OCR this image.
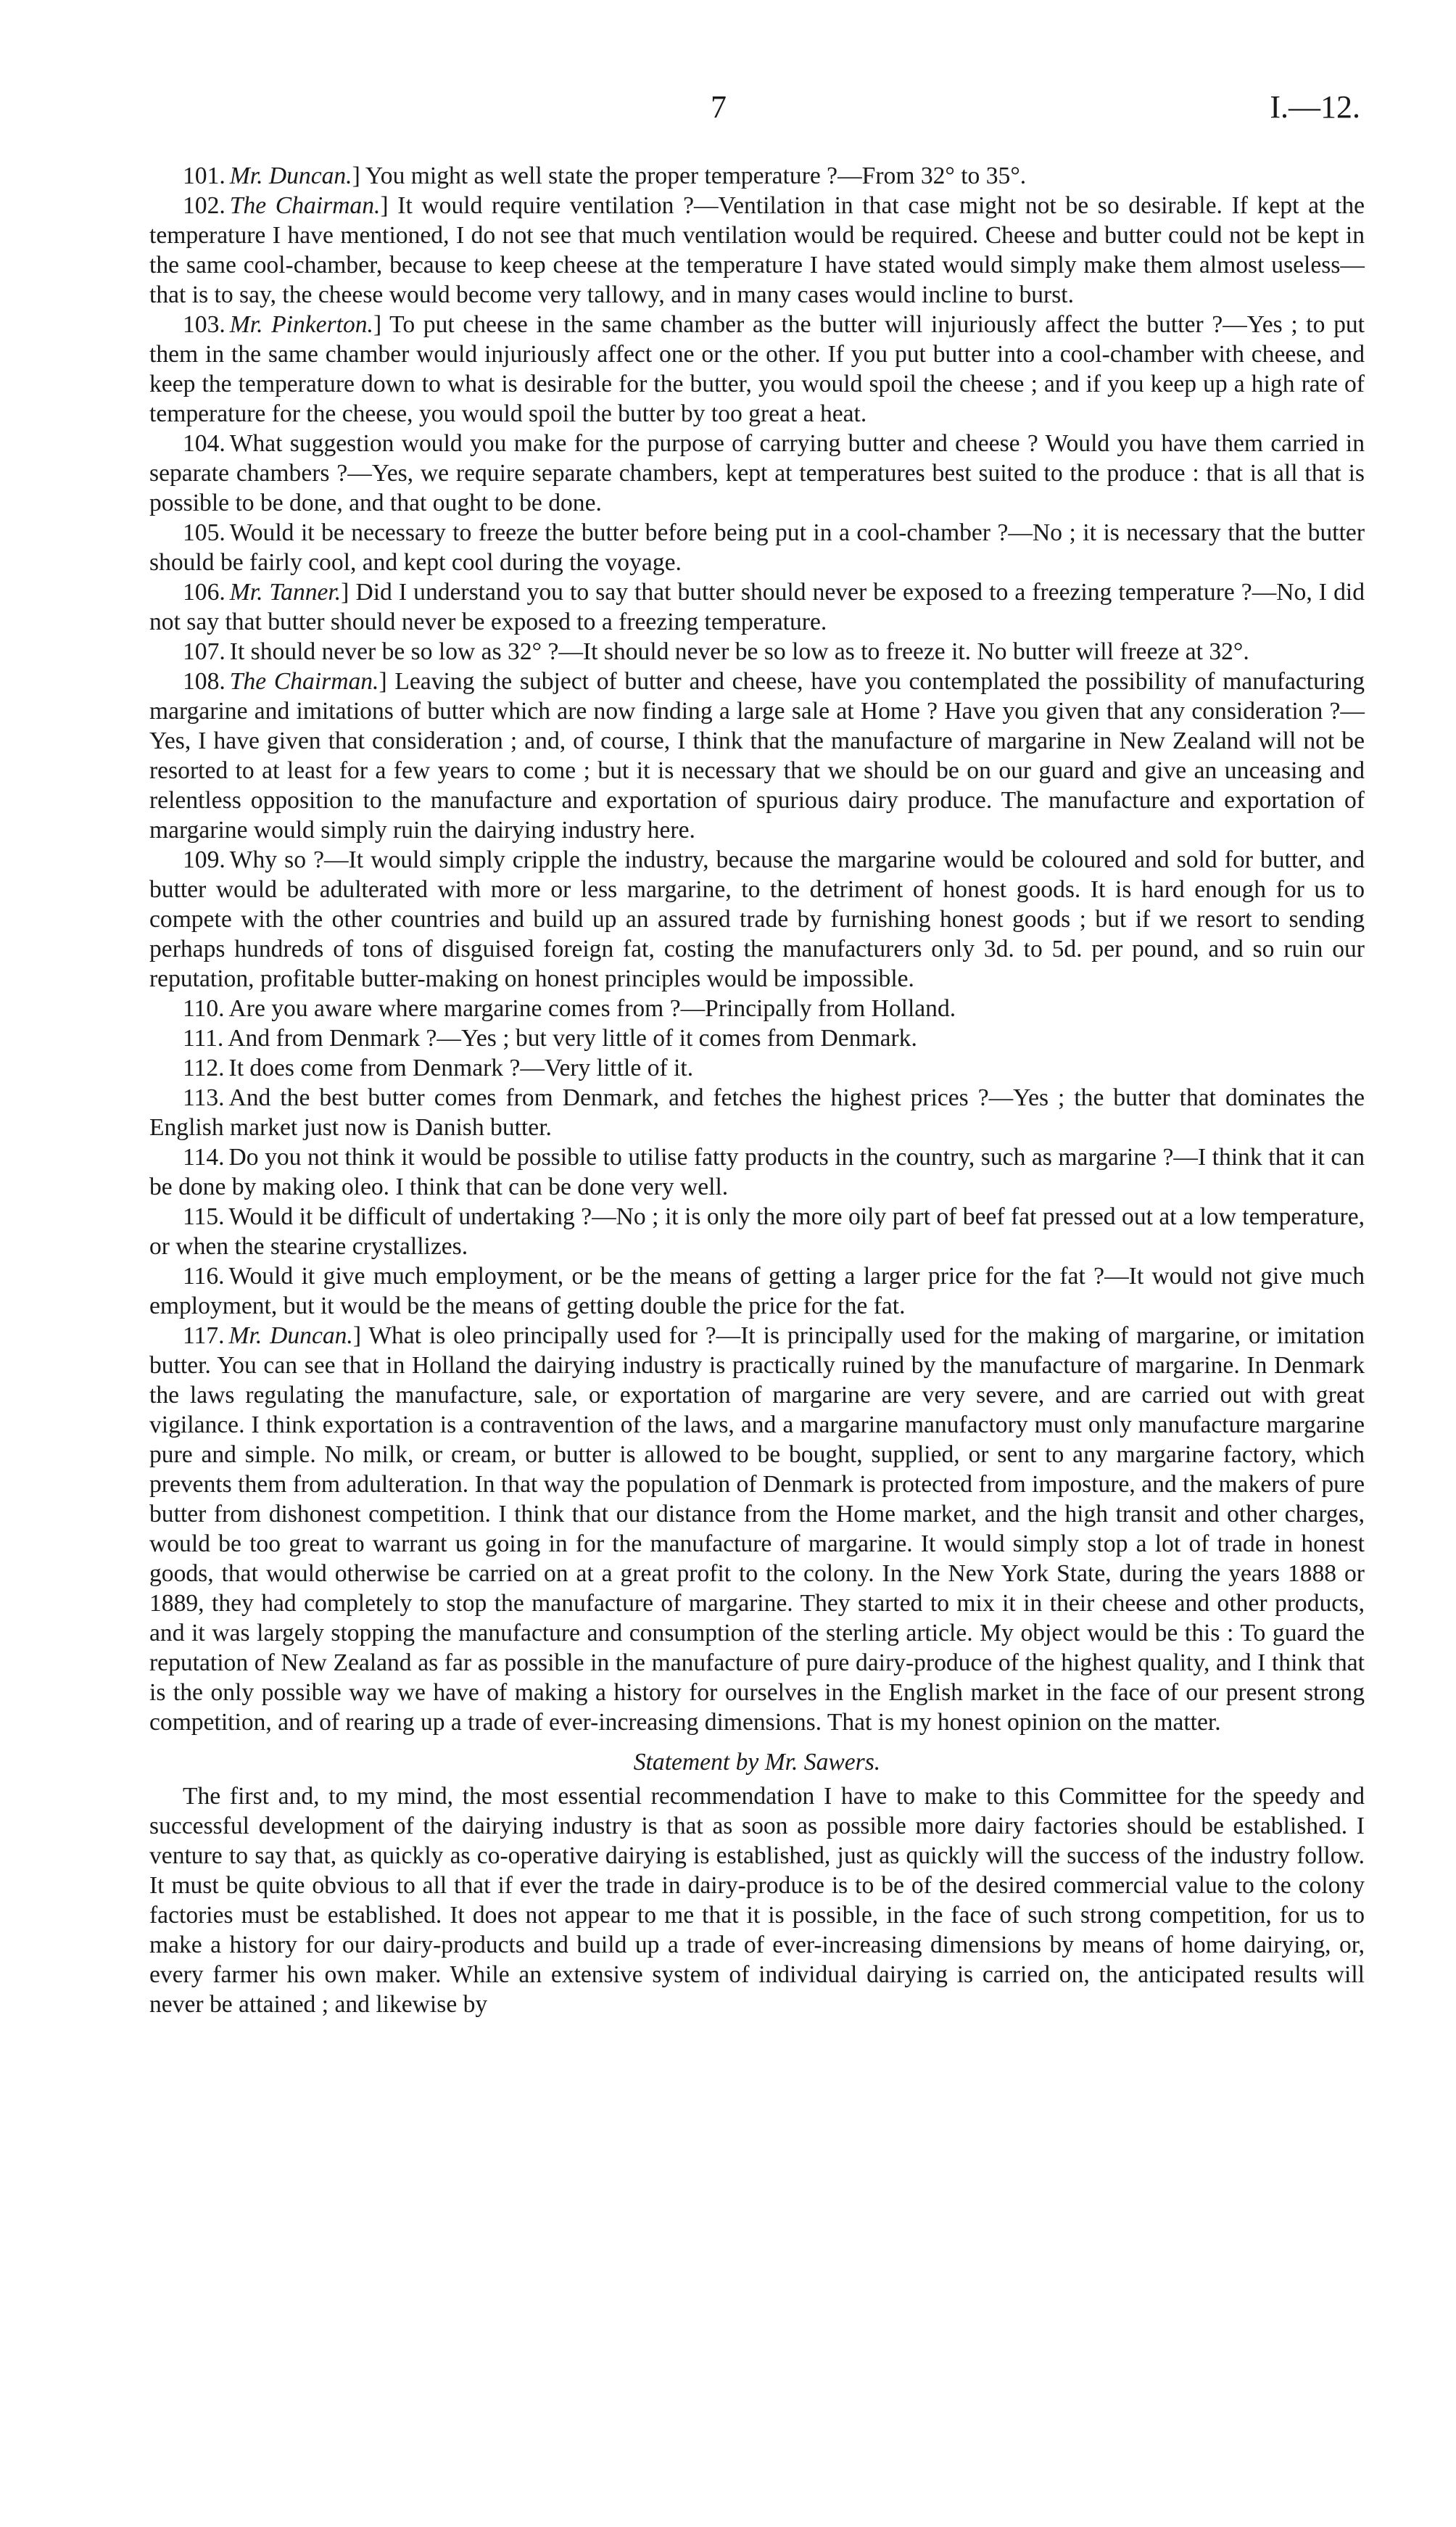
7	I.—12.

101. Mr. Duncan.] You might as well state the proper temperature ?—From 32° to 35°.

102. The Chairman.] It would require ventilation ?—Ventilation in that case might not be so desirable. If kept at the temperature I have mentioned, I do not see that much ventilation would be required. Cheese and butter could not be kept in the same cool-chamber, because to keep cheese at the temperature I have stated would simply make them almost useless—that is to say, the cheese would become very tallowy, and in many cases would incline to burst.

103. Mr. Pinkerton.] To put cheese in the same chamber as the butter will injuriously affect the butter ?—Yes ; to put them in the same chamber would injuriously affect one or the other. If you put butter into a cool-chamber with cheese, and keep the temperature down to what is desirable for the butter, you would spoil the cheese ; and if you keep up a high rate of temperature for the cheese, you would spoil the butter by too great a heat.

104. What suggestion would you make for the purpose of carrying butter and cheese ? Would you have them carried in separate chambers ?—Yes, we require separate chambers, kept at temperatures best suited to the produce : that is all that is possible to be done, and that ought to be done.

105. Would it be necessary to freeze the butter before being put in a cool-chamber ?—No ; it is necessary that the butter should be fairly cool, and kept cool during the voyage.

106. Mr. Tanner.] Did I understand you to say that butter should never be exposed to a freezing temperature ?—No, I did not say that butter should never be exposed to a freezing temperature.

107. It should never be so low as 32° ?—It should never be so low as to freeze it. No butter will freeze at 32°.

108. The Chairman.] Leaving the subject of butter and cheese, have you contemplated the possibility of manufacturing margarine and imitations of butter which are now finding a large sale at Home ? Have you given that any consideration ?—Yes, I have given that consideration ; and, of course, I think that the manufacture of margarine in New Zealand will not be resorted to at least for a few years to come ; but it is necessary that we should be on our guard and give an unceasing and relentless opposition to the manufacture and exportation of spurious dairy produce. The manufacture and exportation of margarine would simply ruin the dairying industry here.

109. Why so ?—It would simply cripple the industry, because the margarine would be coloured and sold for butter, and butter would be adulterated with more or less margarine, to the detriment of honest goods. It is hard enough for us to compete with the other countries and build up an assured trade by furnishing honest goods ; but if we resort to sending perhaps hundreds of tons of disguised foreign fat, costing the manufacturers only 3d. to 5d. per pound, and so ruin our reputation, profitable butter-making on honest principles would be impossible.

110. Are you aware where margarine comes from ?—Principally from Holland.

111. And from Denmark ?—Yes ; but very little of it comes from Denmark.

112. It does come from Denmark ?—Very little of it.

113. And the best butter comes from Denmark, and fetches the highest prices ?—Yes ; the butter that dominates the English market just now is Danish butter.

114. Do you not think it would be possible to utilise fatty products in the country, such as margarine ?—I think that it can be done by making oleo. I think that can be done very well.

115. Would it be difficult of undertaking ?—No ; it is only the more oily part of beef fat pressed out at a low temperature, or when the stearine crystallizes.

116. Would it give much employment, or be the means of getting a larger price for the fat ?—It would not give much employment, but it would be the means of getting double the price for the fat.

117. Mr. Duncan.] What is oleo principally used for ?—It is principally used for the making of margarine, or imitation butter. You can see that in Holland the dairying industry is practically ruined by the manufacture of margarine. In Denmark the laws regulating the manufacture, sale, or exportation of margarine are very severe, and are carried out with great vigilance. I think exportation is a contravention of the laws, and a margarine manufactory must only manufacture margarine pure and simple. No milk, or cream, or butter is allowed to be bought, supplied, or sent to any margarine factory, which prevents them from adulteration. In that way the population of Denmark is protected from imposture, and the makers of pure butter from dishonest competition. I think that our distance from the Home market, and the high transit and other charges, would be too great to warrant us going in for the manufacture of margarine. It would simply stop a lot of trade in honest goods, that would otherwise be carried on at a great profit to the colony. In the New York State, during the years 1888 or 1889, they had completely to stop the manufacture of margarine. They started to mix it in their cheese and other products, and it was largely stopping the manufacture and consumption of the sterling article. My object would be this : To guard the reputation of New Zealand as far as possible in the manufacture of pure dairy-produce of the highest quality, and I think that is the only possible way we have of making a history for ourselves in the English market in the face of our present strong competition, and of rearing up a trade of ever-increasing dimensions. That is my honest opinion on the matter.

Statement by Mr. Sawers.

The first and, to my mind, the most essential recommendation I have to make to this Committee for the speedy and successful development of the dairying industry is that as soon as possible more dairy factories should be established. I venture to say that, as quickly as co-operative dairying is established, just as quickly will the success of the industry follow. It must be quite obvious to all that if ever the trade in dairy-produce is to be of the desired commercial value to the colony factories must be established. It does not appear to me that it is possible, in the face of such strong competition, for us to make a history for our dairy-products and build up a trade of ever-increasing dimensions by means of home dairying, or, every farmer his own maker. While an extensive system of individual dairying is carried on, the anticipated results will never be attained ; and likewise by
